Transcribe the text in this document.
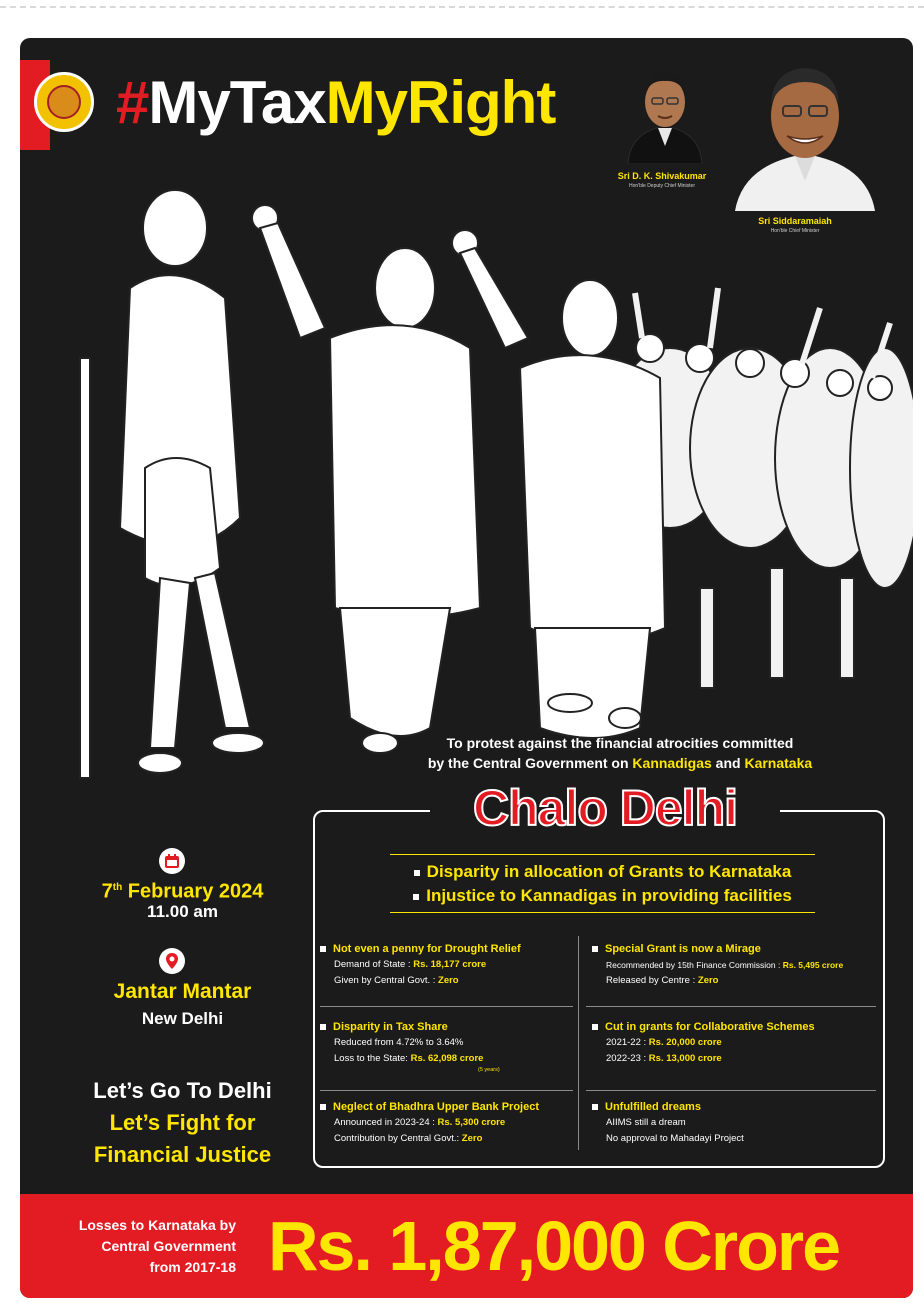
#MyTaxMyRight
Sri D. K. Shivakumar
Hon'ble Deputy Chief Minister
Sri Siddaramaiah
Hon'ble Chief Minister
To protest against the financial atrocities committed
by the Central Government on Kannadigas and Karnataka
Chalo Delhi
Disparity in allocation of Grants to Karnataka
Injustice to Kannadigas in providing facilities
Not even a penny for Drought Relief
Demand of State : Rs. 18,177 crore
Given by Central Govt. : Zero
Special Grant is now a Mirage
Recommended by 15th Finance Commission : Rs. 5,495 crore
Released by Centre : Zero
Disparity in Tax Share
Reduced from 4.72% to 3.64%
Loss to the State: Rs. 62,098 crore
(5 years)
Cut in grants for Collaborative Schemes
2021-22 : Rs. 20,000 crore
2022-23 : Rs. 13,000 crore
Neglect of Bhadhra Upper Bank Project
Announced in 2023-24 : Rs. 5,300 crore
Contribution by Central Govt.: Zero
Unfulfilled dreams
AIIMS still a dream
No approval to Mahadayi Project
7th February 2024
11.00 am
Jantar Mantar
New Delhi
Let’s Go To Delhi
Let’s Fight for
Financial Justice
Losses to Karnataka by
Central Government
from 2017-18 Rs. 1,87,000 Crore
